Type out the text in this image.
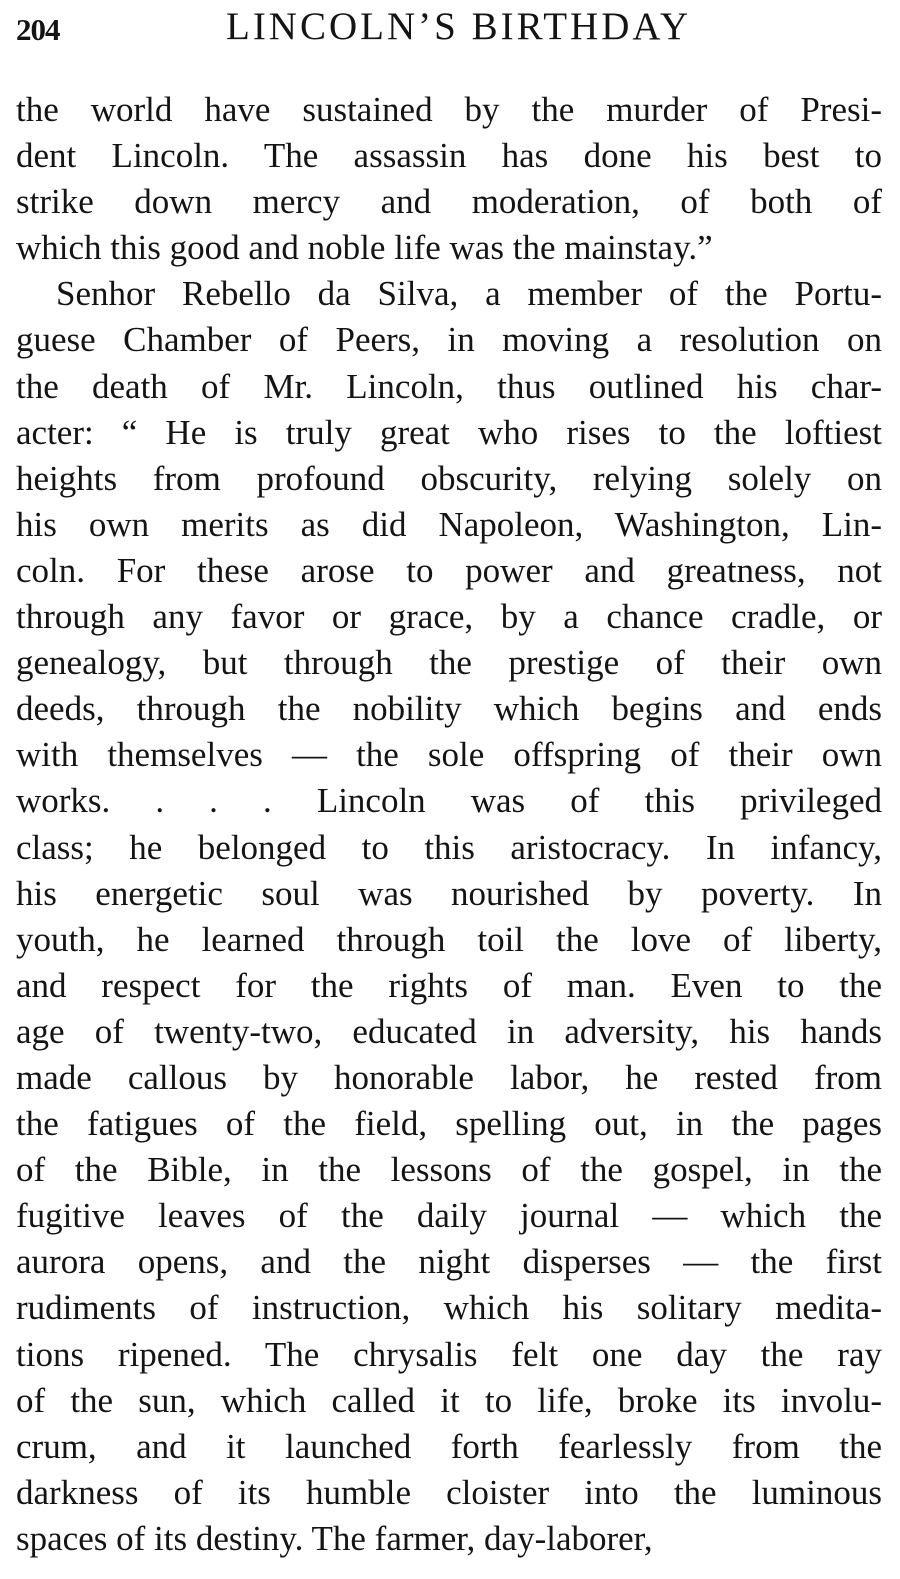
204	LINCOLN’S BIRTHDAY
the world have sustained by the murder of Presi-
dent Lincoln. The assassin has done his best to
strike down mercy and moderation, of both of
which this good and noble life was the mainstay.”
Senhor Rebello da Silva, a member of the Portu-
guese Chamber of Peers, in moving a resolution on
the death of Mr. Lincoln, thus outlined his char-
acter: “ He is truly great who rises to the loftiest
heights from profound obscurity, relying solely on
his own merits as did Napoleon, Washington, Lin-
coln. For these arose to power and greatness, not
through any favor or grace, by a chance cradle, or
genealogy, but through the prestige of their own
deeds, through the nobility which begins and ends
with themselves — the sole offspring of their own
works. . . . Lincoln was of this privileged
class; he belonged to this aristocracy. In infancy,
his energetic soul was nourished by poverty. In
youth, he learned through toil the love of liberty,
and respect for the rights of man. Even to the
age of twenty-two, educated in adversity, his hands
made callous by honorable labor, he rested from
the fatigues of the field, spelling out, in the pages
of the Bible, in the lessons of the gospel, in the
fugitive leaves of the daily journal — which the
aurora opens, and the night disperses — the first
rudiments of instruction, which his solitary medita-
tions ripened. The chrysalis felt one day the ray
of the sun, which called it to life, broke its involu-
crum, and it launched forth fearlessly from the
darkness of its humble cloister into the luminous
spaces of its destiny. The farmer, day-laborer,
